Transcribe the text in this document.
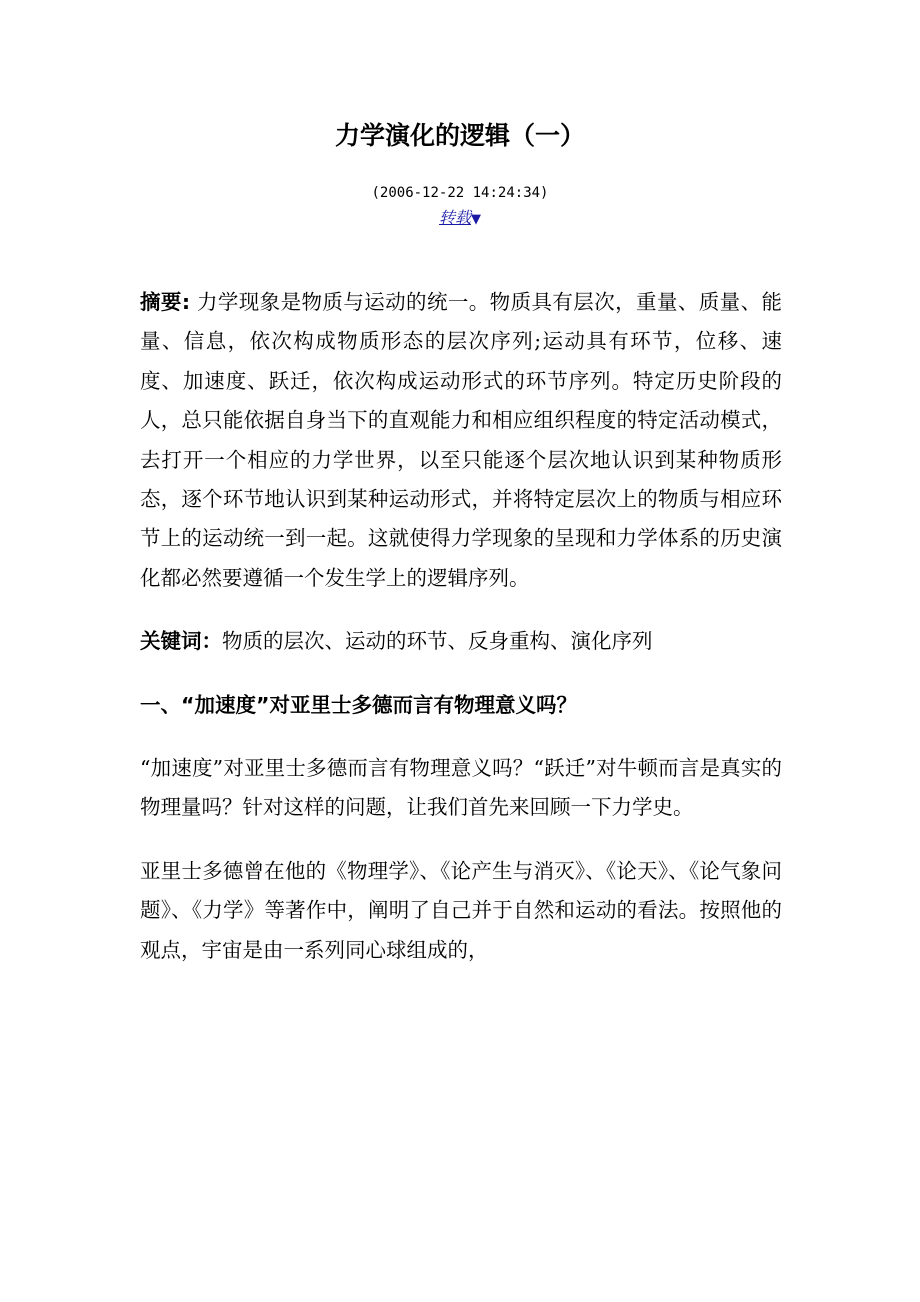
力学演化的逻辑（一）
(2006-12-22 14:24:34)
转载▼

摘要: 力学现象是物质与运动的统一。物质具有层次，重量、质量、能量、信息，依次构成物质形态的层次序列;运动具有环节，位移、速度、加速度、跃迁，依次构成运动形式的环节序列。特定历史阶段的人，总只能依据自身当下的直观能力和相应组织程度的特定活动模式，去打开一个相应的力学世界，以至只能逐个层次地认识到某种物质形态，逐个环节地认识到某种运动形式，并将特定层次上的物质与相应环节上的运动统一到一起。这就使得力学现象的呈现和力学体系的历史演化都必然要遵循一个发生学上的逻辑序列。

关键词：物质的层次、运动的环节、反身重构、演化序列

一、“加速度”对亚里士多德而言有物理意义吗？

“加速度”对亚里士多德而言有物理意义吗？“跃迁”对牛顿而言是真实的物理量吗？针对这样的问题，让我们首先来回顾一下力学史。

亚里士多德曾在他的《物理学》、《论产生与消灭》、《论天》、《论气象问题》、《力学》等著作中，阐明了自己并于自然和运动的看法。按照他的观点，宇宙是由一系列同心球组成的，
